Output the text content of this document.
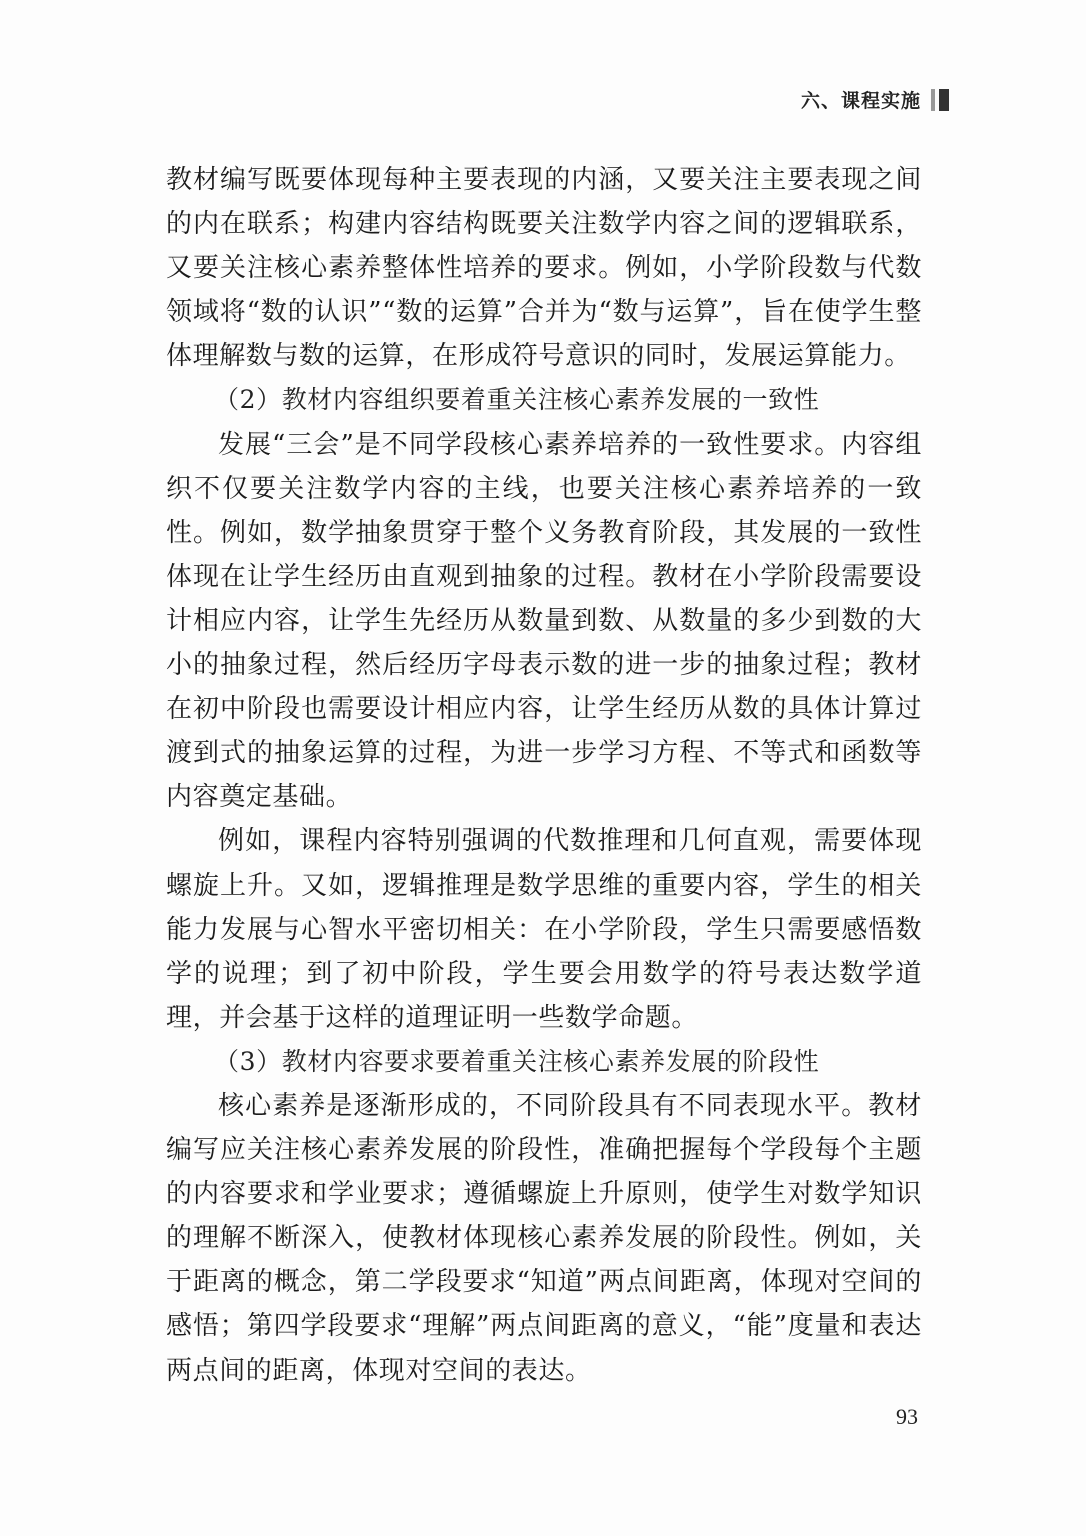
六、课程实施

教材编写既要体现每种主要表现的内涵，又要关注主要表现之间的内在联系；构建内容结构既要关注数学内容之间的逻辑联系，又要关注核心素养整体性培养的要求。例如，小学阶段数与代数领域将“数的认识”“数的运算”合并为“数与运算”，旨在使学生整体理解数与数的运算，在形成符号意识的同时，发展运算能力。

（2）教材内容组织要着重关注核心素养发展的一致性

发展“三会”是不同学段核心素养培养的一致性要求。内容组织不仅要关注数学内容的主线，也要关注核心素养培养的一致性。例如，数学抽象贯穿于整个义务教育阶段，其发展的一致性体现在让学生经历由直观到抽象的过程。教材在小学阶段需要设计相应内容，让学生先经历从数量到数、从数量的多少到数的大小的抽象过程，然后经历字母表示数的进一步的抽象过程；教材在初中阶段也需要设计相应内容，让学生经历从数的具体计算过渡到式的抽象运算的过程，为进一步学习方程、不等式和函数等内容奠定基础。

例如，课程内容特别强调的代数推理和几何直观，需要体现螺旋上升。又如，逻辑推理是数学思维的重要内容，学生的相关能力发展与心智水平密切相关：在小学阶段，学生只需要感悟数学的说理；到了初中阶段，学生要会用数学的符号表达数学道理，并会基于这样的道理证明一些数学命题。

（3）教材内容要求要着重关注核心素养发展的阶段性

核心素养是逐渐形成的，不同阶段具有不同表现水平。教材编写应关注核心素养发展的阶段性，准确把握每个学段每个主题的内容要求和学业要求；遵循螺旋上升原则，使学生对数学知识的理解不断深入，使教材体现核心素养发展的阶段性。例如，关于距离的概念，第二学段要求“知道”两点间距离，体现对空间的感悟；第四学段要求“理解”两点间距离的意义，“能”度量和表达两点间的距离，体现对空间的表达。

93
